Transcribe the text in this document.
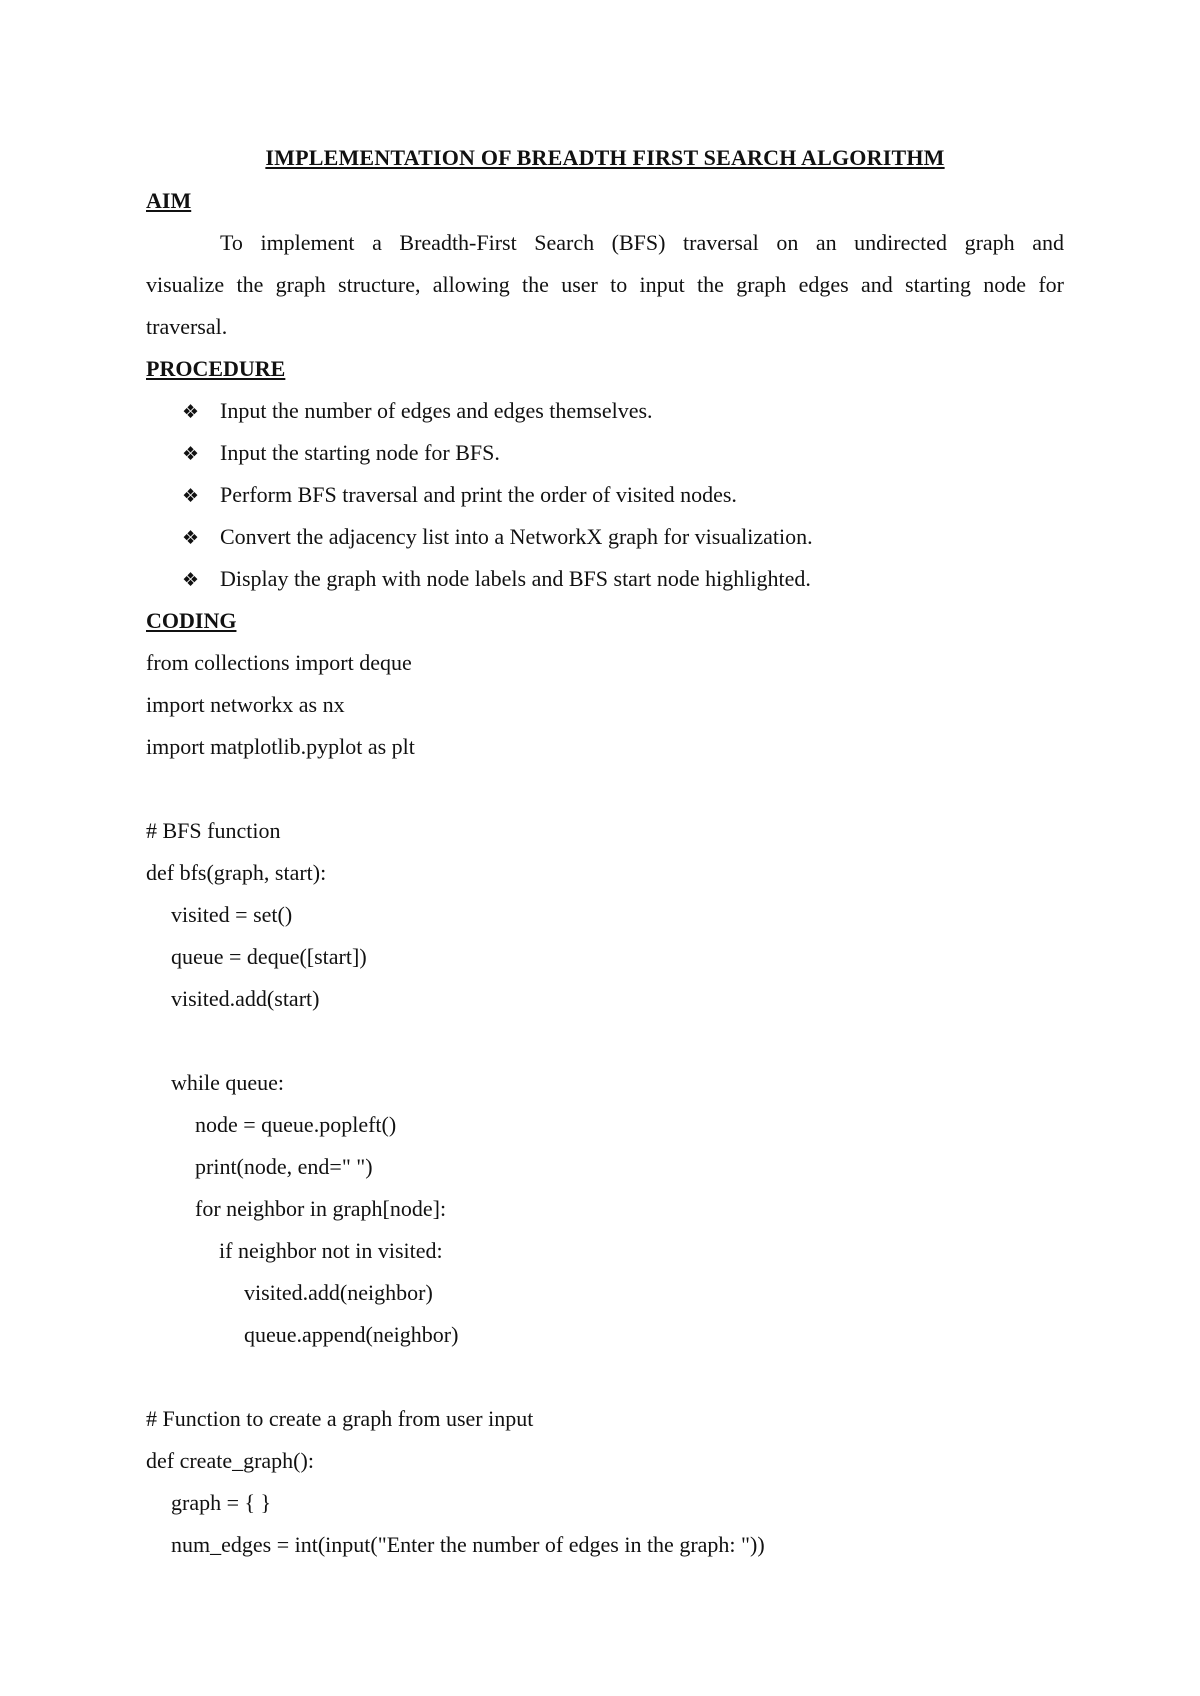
IMPLEMENTATION OF BREADTH FIRST SEARCH ALGORITHM
AIM
To implement a Breadth-First Search (BFS) traversal on an undirected graph and
visualize the graph structure, allowing the user to input the graph edges and starting node for
traversal.
PROCEDURE
❖ Input the number of edges and edges themselves.
❖ Input the starting node for BFS.
❖ Perform BFS traversal and print the order of visited nodes.
❖ Convert the adjacency list into a NetworkX graph for visualization.
❖ Display the graph with node labels and BFS start node highlighted.
CODING
from collections import deque
import networkx as nx
import matplotlib.pyplot as plt
# BFS function
def bfs(graph, start):
visited = set()
queue = deque([start])
visited.add(start)
while queue:
node = queue.popleft()
print(node, end=" ")
for neighbor in graph[node]:
if neighbor not in visited:
visited.add(neighbor)
queue.append(neighbor)
# Function to create a graph from user input
def create_graph():
graph = { }
num_edges = int(input("Enter the number of edges in the graph: "))
